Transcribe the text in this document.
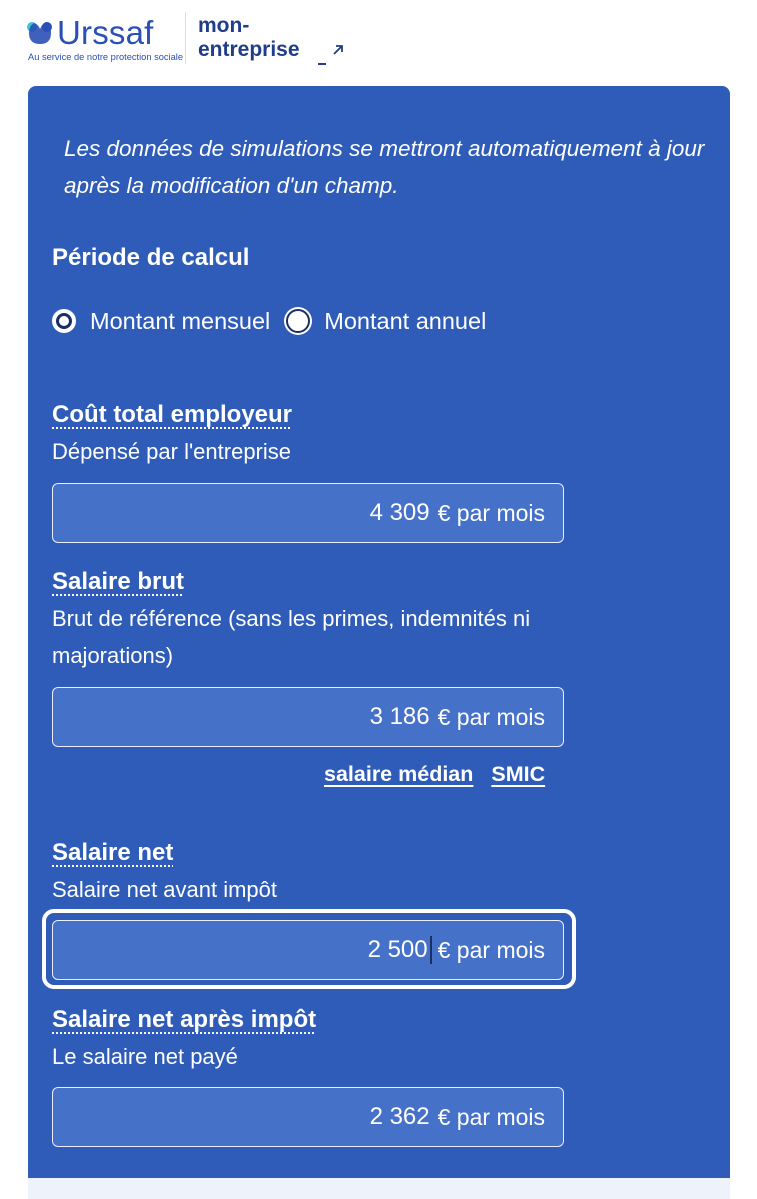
Urssaf
Au service de notre protection sociale
mon-
entreprise

Les données de simulations se mettront automatiquement à jour après la modification d'un champ.

Période de calcul
Montant mensuel Montant annuel
Coût total employeur
Dépensé par l'entreprise
4 309 € par mois
Salaire brut
Brut de référence (sans les primes, indemnités ni majorations)
3 186 € par mois
salaire médian SMIC
Salaire net
Salaire net avant impôt
2 500 € par mois
Salaire net après impôt
Le salaire net payé
2 362 € par mois
